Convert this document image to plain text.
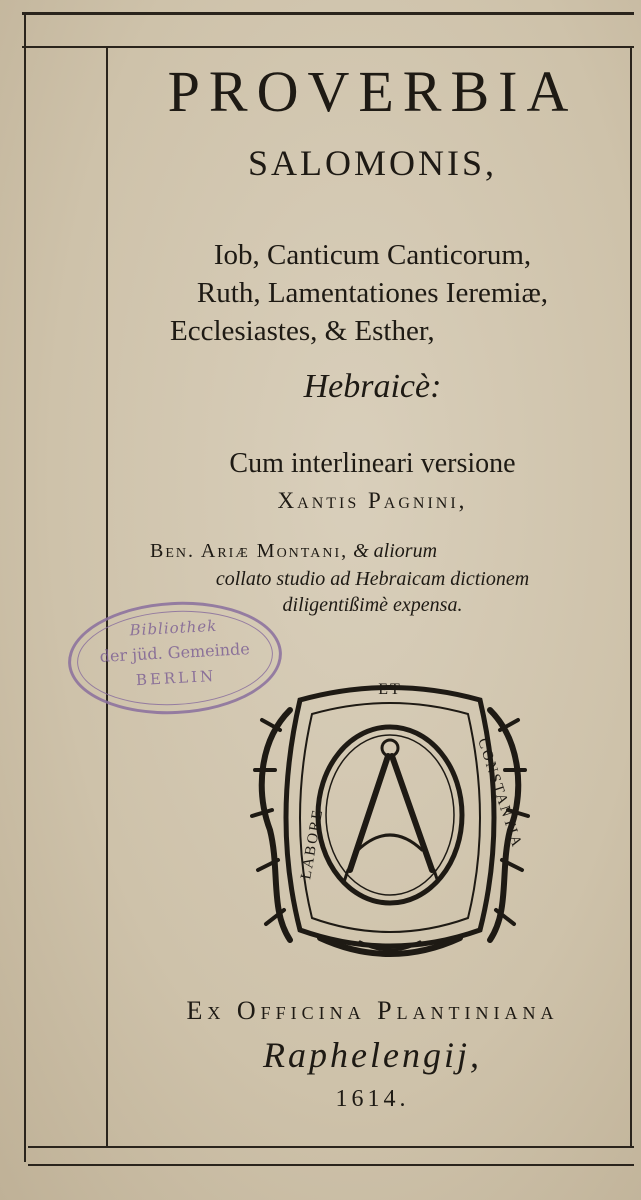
PROVERBIA
SALOMONIS,
Iob, Canticum Canticorum,
Ruth, Lamentationes Ieremiæ,
Ecclesiastes, & Esther,
Hebraicè:
Cum interlineari versione
Xantis Pagnini,
Ben. Ariæ Montani, & aliorum
collato studio ad Hebraicam dictionem
diligentißimè expensa.
Bibliothek
der jüd. Gemeinde
BERLIN
ET
LABORE	CONSTANTIA
Ex Officina Plantiniana
Raphelengij,
1614.
